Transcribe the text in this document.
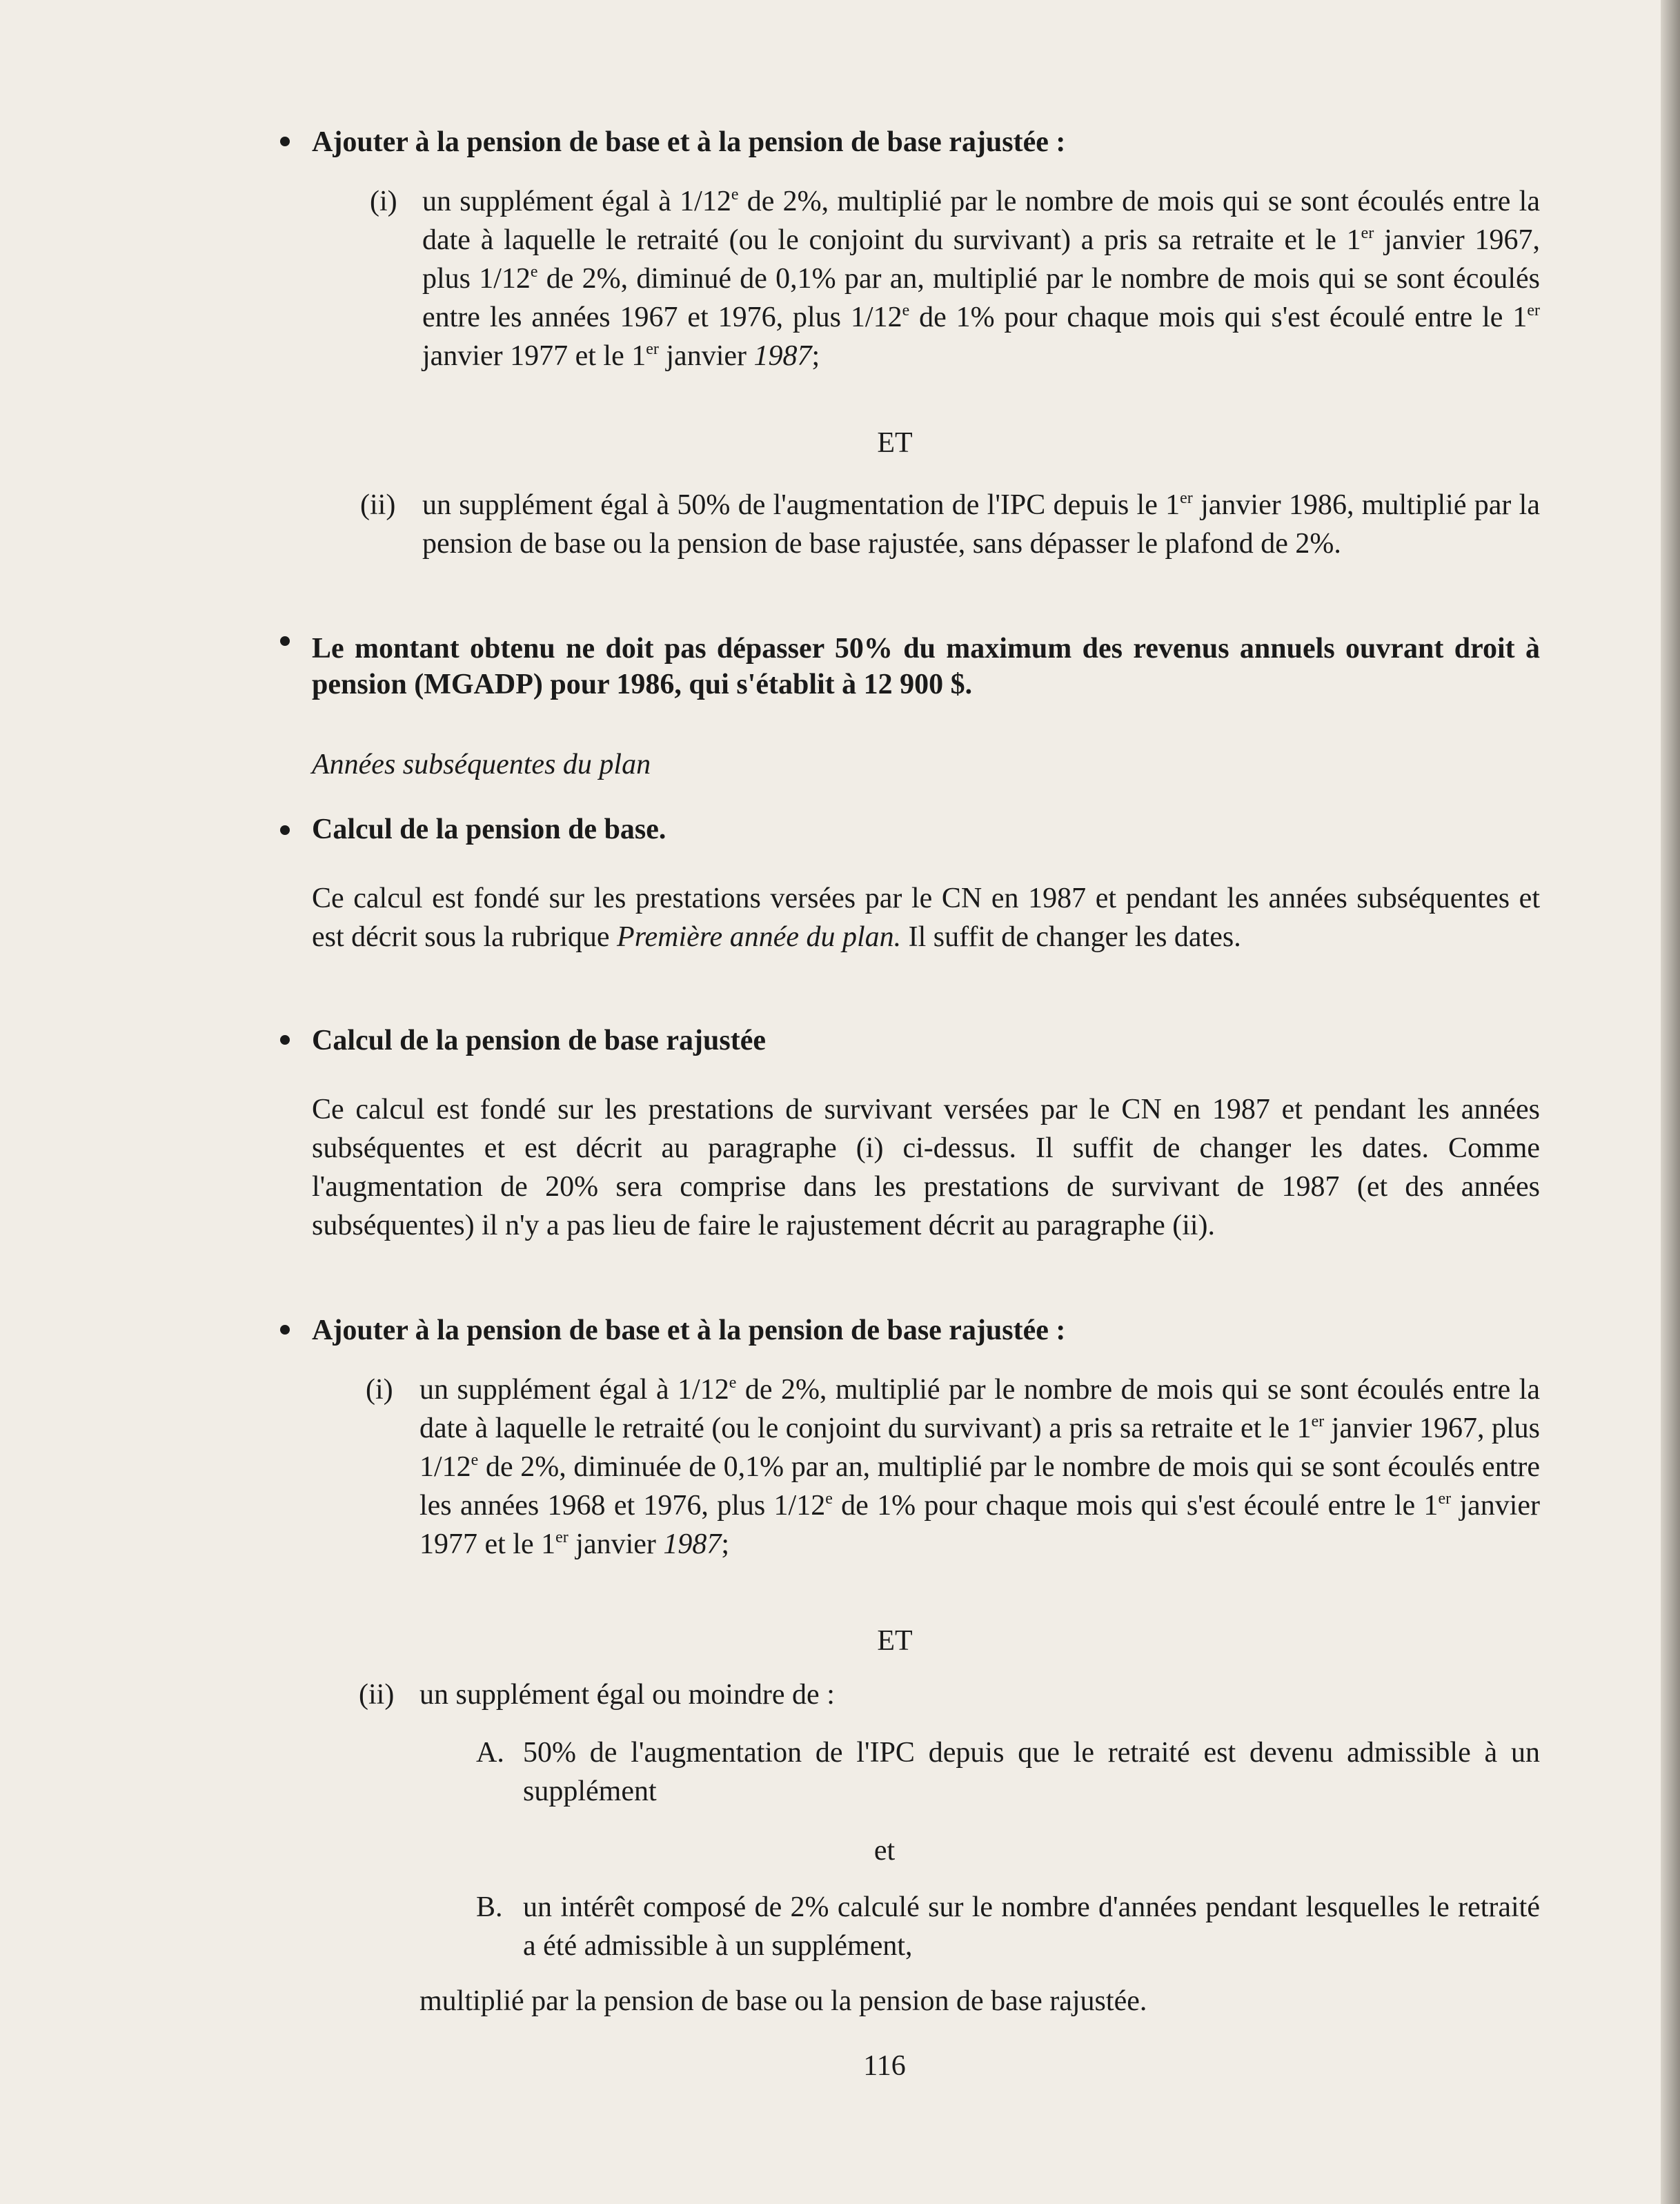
Ajouter à la pension de base et à la pension de base rajustée :
(i) un supplément égal à 1/12e de 2%, multiplié par le nombre de mois qui se sont écoulés entre la date à laquelle le retraité (ou le conjoint du survivant) a pris sa retraite et le 1er janvier 1967, plus 1/12e de 2%, diminué de 0,1% par an, multiplié par le nombre de mois qui se sont écoulés entre les années 1967 et 1976, plus 1/12e de 1% pour chaque mois qui s'est écoulé entre le 1er janvier 1977 et le 1er janvier 1987;
ET
(ii) un supplément égal à 50% de l'augmentation de l'IPC depuis le 1er janvier 1986, multiplié par la pension de base ou la pension de base rajustée, sans dépasser le plafond de 2%.
Le montant obtenu ne doit pas dépasser 50% du maximum des revenus annuels ouvrant droit à pension (MGADP) pour 1986, qui s'établit à 12 900 $.
Années subséquentes du plan
Calcul de la pension de base.
Ce calcul est fondé sur les prestations versées par le CN en 1987 et pendant les années subséquentes et est décrit sous la rubrique Première année du plan. Il suffit de changer les dates.
Calcul de la pension de base rajustée
Ce calcul est fondé sur les prestations de survivant versées par le CN en 1987 et pendant les années subséquentes et est décrit au paragraphe (i) ci-dessus. Il suffit de changer les dates. Comme l'augmentation de 20% sera comprise dans les prestations de survivant de 1987 (et des années subséquentes) il n'y a pas lieu de faire le rajustement décrit au paragraphe (ii).
Ajouter à la pension de base et à la pension de base rajustée :
(i) un supplément égal à 1/12e de 2%, multiplié par le nombre de mois qui se sont écoulés entre la date à laquelle le retraité (ou le conjoint du survivant) a pris sa retraite et le 1er janvier 1967, plus 1/12e de 2%, diminuée de 0,1% par an, multiplié par le nombre de mois qui se sont écoulés entre les années 1968 et 1976, plus 1/12e de 1% pour chaque mois qui s'est écoulé entre le 1er janvier 1977 et le 1er janvier 1987;
ET
(ii) un supplément égal ou moindre de :
A. 50% de l'augmentation de l'IPC depuis que le retraité est devenu admissible à un supplément
et
B. un intérêt composé de 2% calculé sur le nombre d'années pendant lesquelles le retraité a été admissible à un supplément,
multiplié par la pension de base ou la pension de base rajustée.
116
